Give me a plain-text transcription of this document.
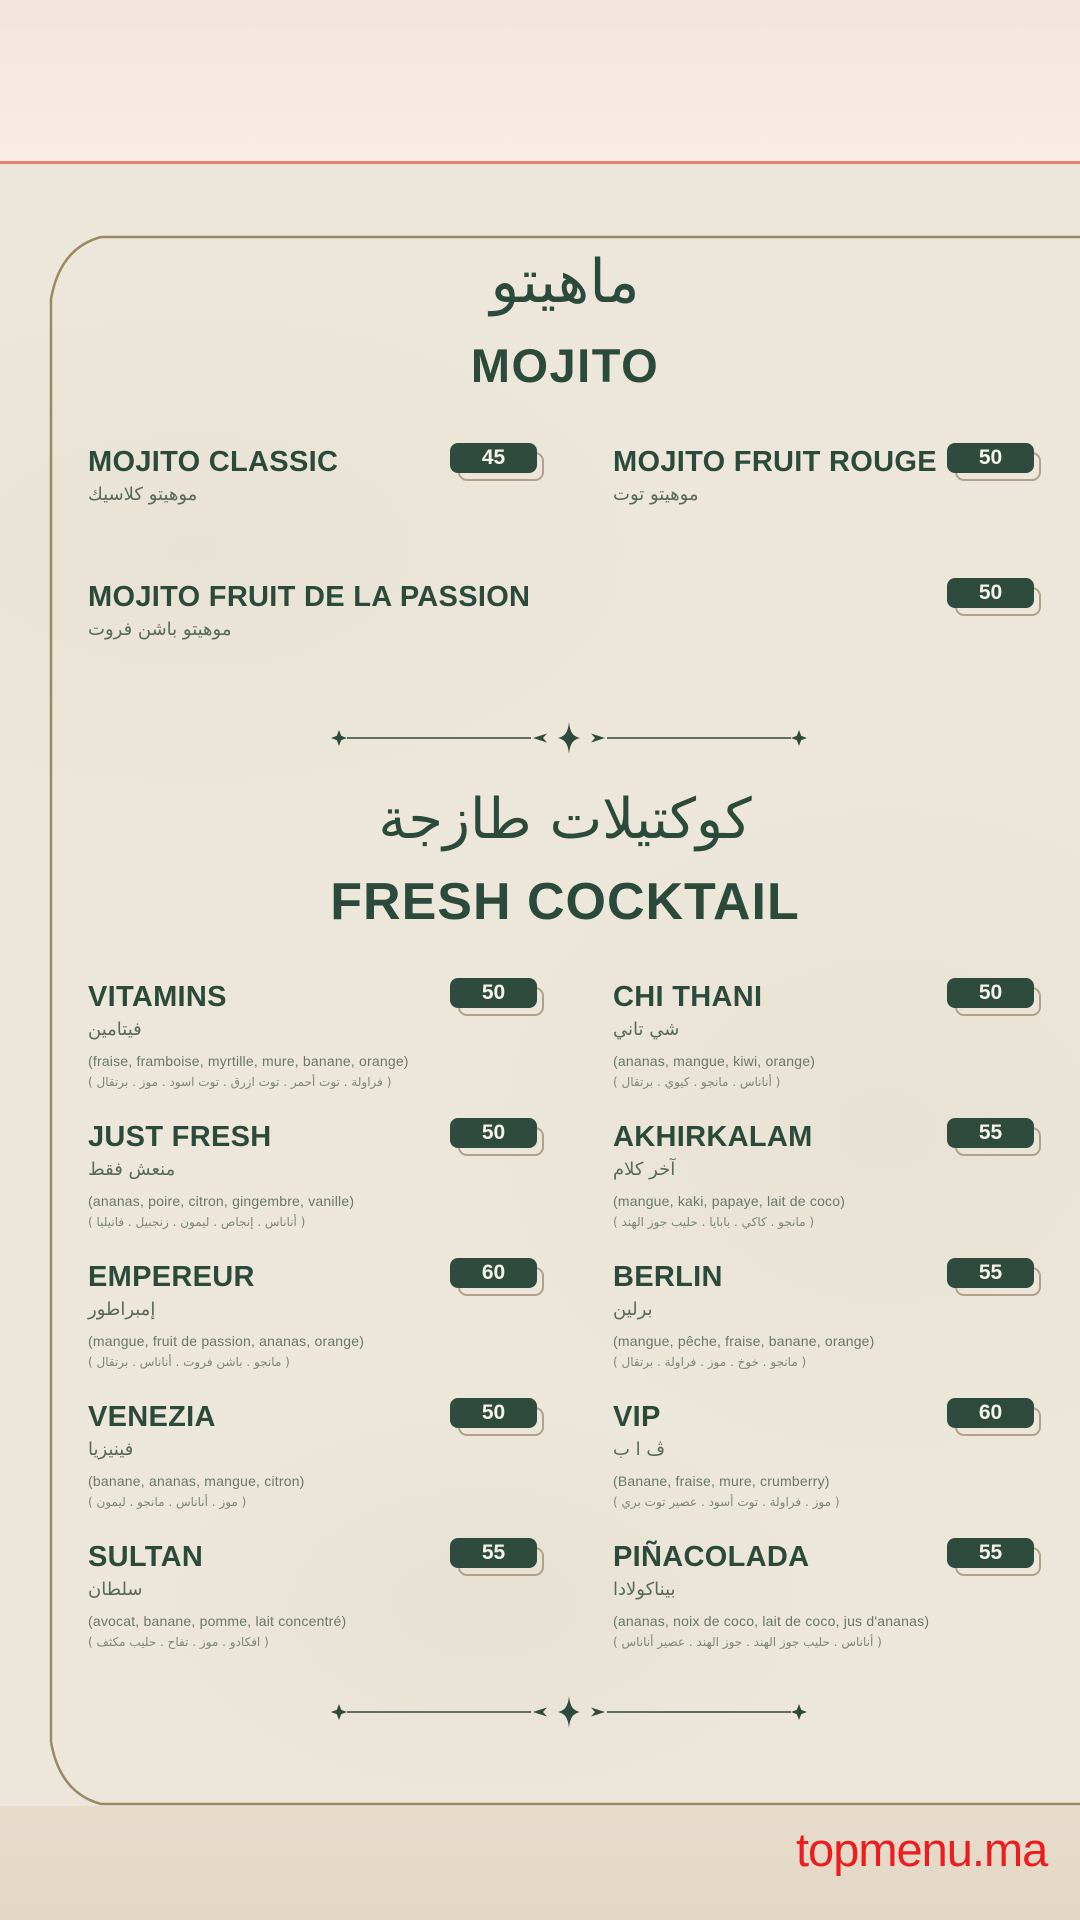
ماهيتو
MOJITO
MOJITO CLASSIC
موهيتو كلاسيك
45	MOJITO FRUIT ROUGE
موهيتو توت
50
MOJITO FRUIT DE LA PASSION
موهيتو باشن فروت
50
كوكتيلات طازجة
FRESH COCKTAIL
VITAMINS
فيتامين
(fraise, framboise, myrtille, mure, banane, orange)
( فراولة . توت أحمر . توت ازرق . توت اسود . موز . برتقال )
50	CHI THANI
شي تاني
(ananas, mangue, kiwi, orange)
( أناناس . مانجو . كيوي . برتقال )
50
JUST FRESH
منعش فقط
(ananas, poire, citron, gingembre, vanille)
( أناناس . إنجاص . ليمون . زنجبيل . فانيليا )
50	AKHIRKALAM
آخر كلام
(mangue, kaki, papaye, lait de coco)
( مانجو . كاكي . بابايا . حليب جوز الهند )
55
EMPEREUR
إمبراطور
(mangue, fruit de passion, ananas, orange)
( مانجو . باشن فروت . أناناس . برتقال )
60	BERLIN
برلين
(mangue, pêche, fraise, banane, orange)
( مانجو . خوخ . موز . فراولة . برتقال )
55
VENEZIA
فينيزيا
(banane, ananas, mangue, citron)
( موز . أناناس . مانجو . ليمون )
50	VIP
ڤ ا ب
(Banane, fraise, mure, crumberry)
( موز . فراولة . توت أسود . عصير توت بري )
60
SULTAN
سلطان
(avocat, banane, pomme, lait concentré)
( افكادو . موز . تفاح . حليب مكثف )
55	PIÑACOLADA
بيناكولادا
(ananas, noix de coco, lait de coco, jus d'ananas)
( أناناس . حليب جوز الهند . جوز الهند . عصير أناناس )
55
topmenu.ma
